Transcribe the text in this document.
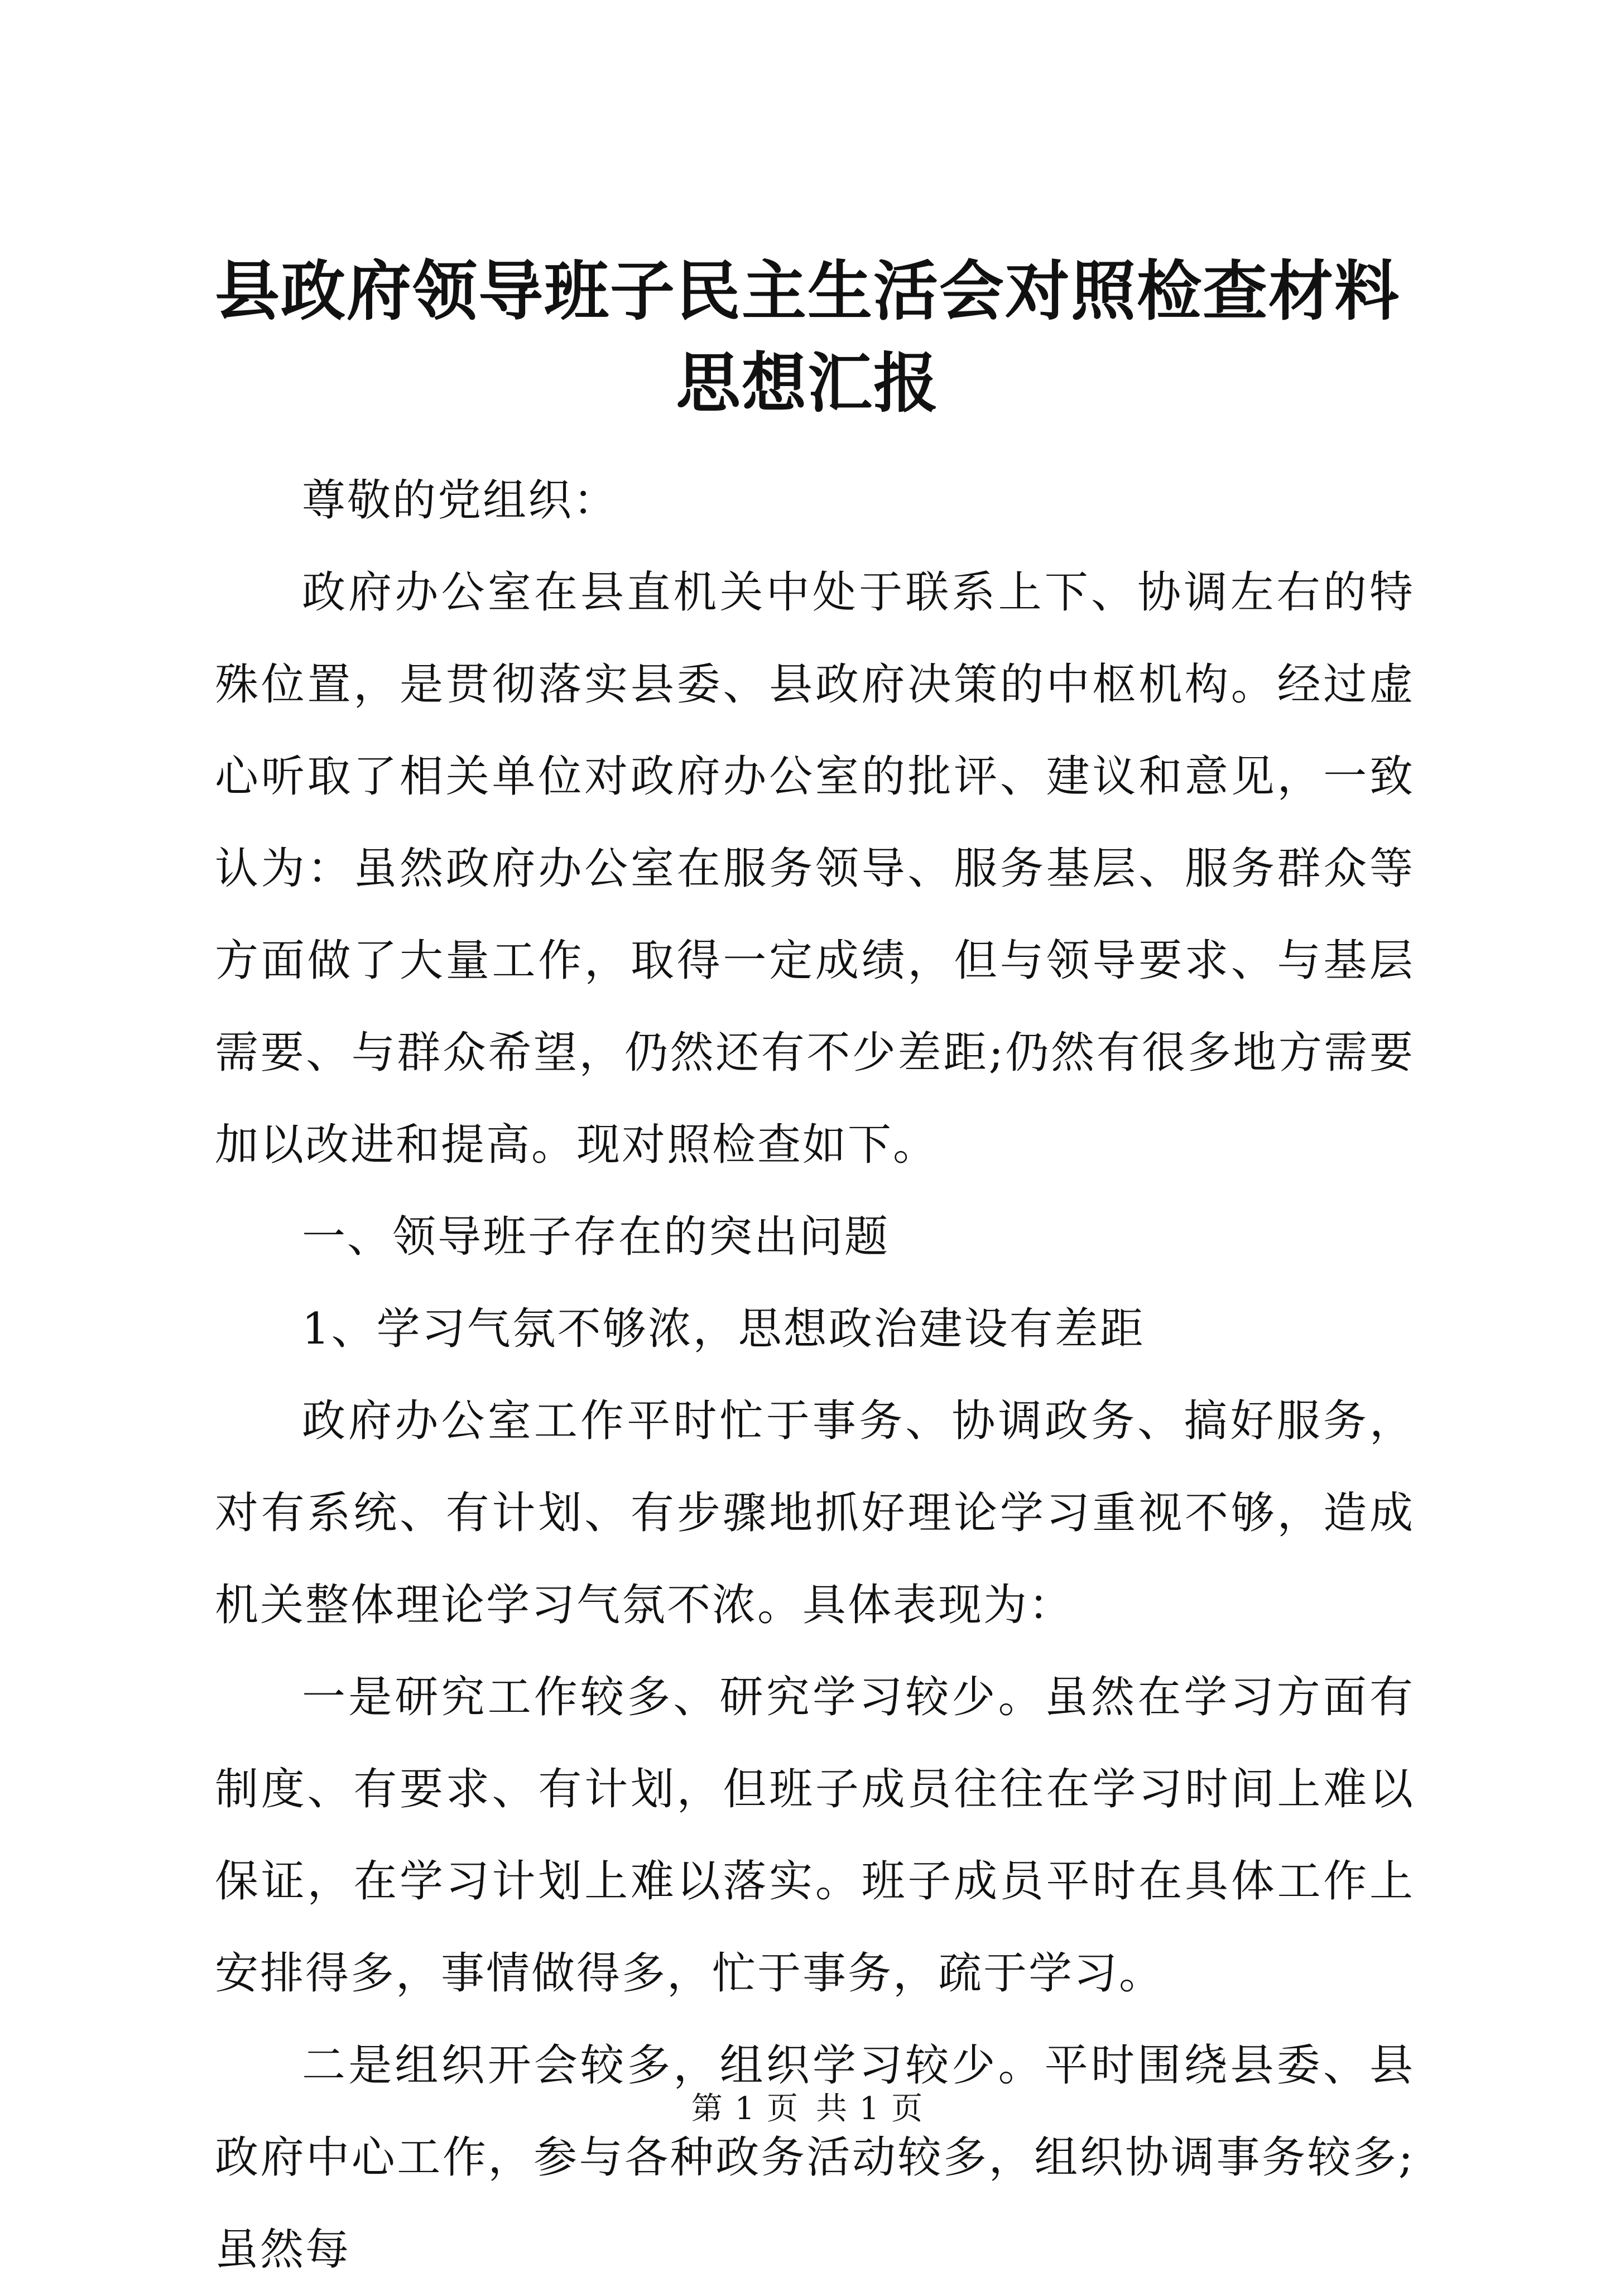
县政府领导班子民主生活会对照检查材料思想汇报

尊敬的党组织：

政府办公室在县直机关中处于联系上下、协调左右的特殊位置，是贯彻落实县委、县政府决策的中枢机构。经过虚心听取了相关单位对政府办公室的批评、建议和意见，一致认为：虽然政府办公室在服务领导、服务基层、服务群众等方面做了大量工作，取得一定成绩，但与领导要求、与基层需要、与群众希望，仍然还有不少差距;仍然有很多地方需要加以改进和提高。现对照检查如下。

一、领导班子存在的突出问题

1、学习气氛不够浓，思想政治建设有差距

政府办公室工作平时忙于事务、协调政务、搞好服务，对有系统、有计划、有步骤地抓好理论学习重视不够，造成机关整体理论学习气氛不浓。具体表现为：

一是研究工作较多、研究学习较少。虽然在学习方面有制度、有要求、有计划，但班子成员往往在学习时间上难以保证，在学习计划上难以落实。班子成员平时在具体工作上安排得多，事情做得多，忙于事务，疏于学习。

二是组织开会较多，组织学习较少。平时围绕县委、县政府中心工作，参与各种政务活动较多，组织协调事务较多;虽然每

第 1 页 共 1 页
